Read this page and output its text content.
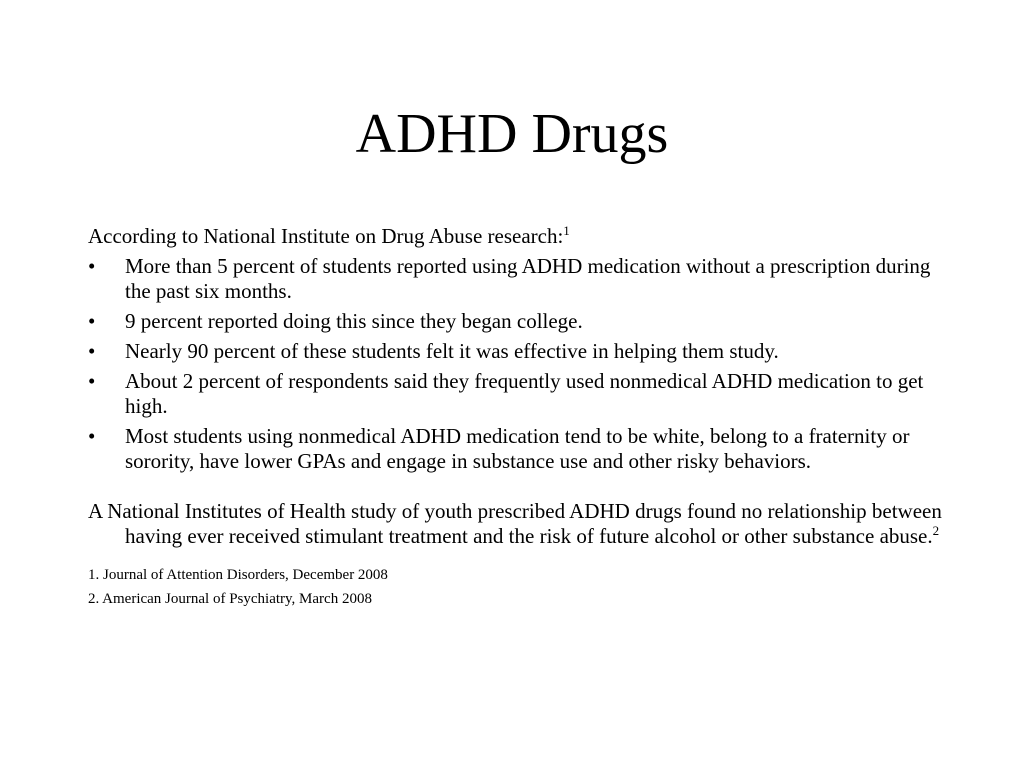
ADHD Drugs

According to National Institute on Drug Abuse research:$^1$

• More than 5 percent of students reported using ADHD medication without a prescription during the past six months.
• 9 percent reported doing this since they began college.
• Nearly 90 percent of these students felt it was effective in helping them study.
• About 2 percent of respondents said they frequently used nonmedical ADHD medication to get high.
• Most students using nonmedical ADHD medication tend to be white, belong to a fraternity or sorority, have lower GPAs and engage in substance use and other risky behaviors.

A National Institutes of Health study of youth prescribed ADHD drugs found no relationship between having ever received stimulant treatment and the risk of future alcohol or other substance abuse.$^2$

1. Journal of Attention Disorders, December 2008

2. American Journal of Psychiatry, March 2008
